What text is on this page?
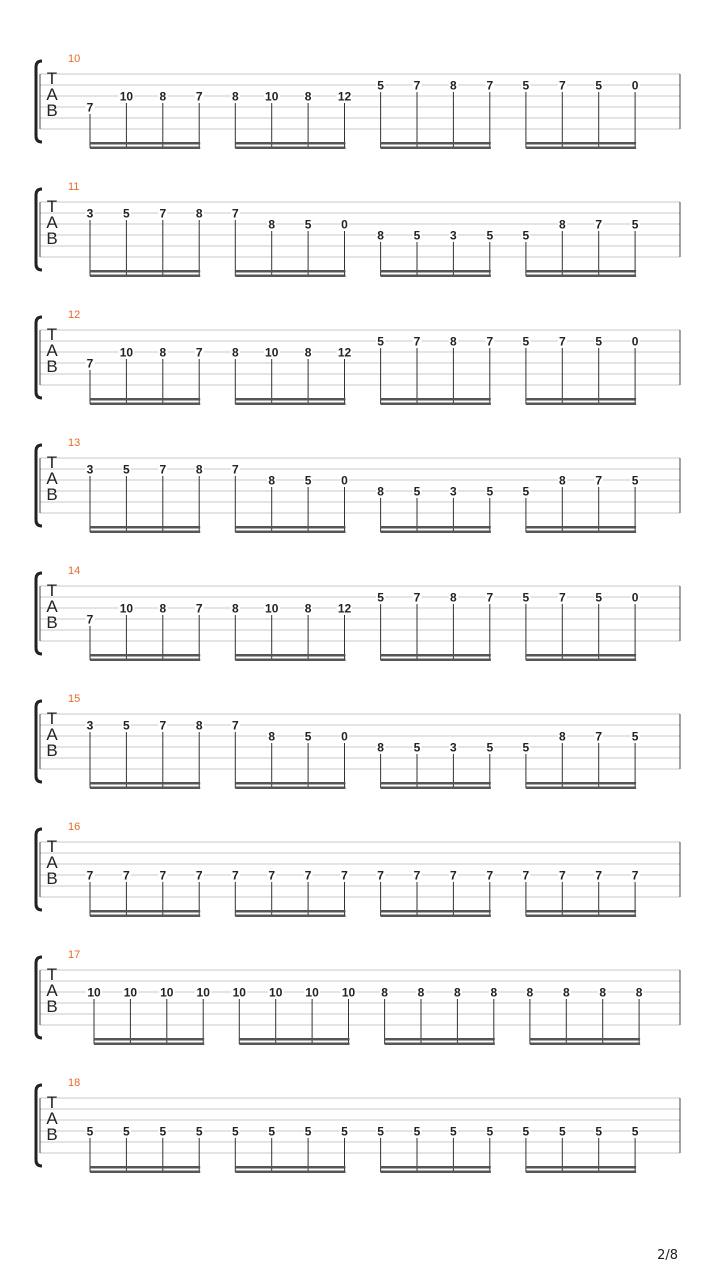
10
T
A
B 7
10 8 7 8 10 8 12
5 7 8 7 5 7 5 0
11
T
A
B
3 5 7 8 7
8 5 0
8 5 3 5 5
8 7 5
12
T
A
B 7
10 8 7 8 10 8 12
5 7 8 7 5 7 5 0
13
T
A
B
3 5 7 8 7
8 5 0
8 5 3 5 5
8 7 5
14
T
A
B 7
10 8 7 8 10 8 12
5 7 8 7 5 7 5 0
15
T
A
B
3 5 7 8 7
8 5 0
8 5 3 5 5
8 7 5
16
T
A
B 7 7 7 7 7 7 7 7 7 7 7 7 7 7 7 7
17
T
A
B
10 10 10 10 10 10 10 10 8 8 8 8 8 8 8 8
18
T
A
B 5 5 5 5 5 5 5 5 5 5 5 5 5 5 5 5
2/8
